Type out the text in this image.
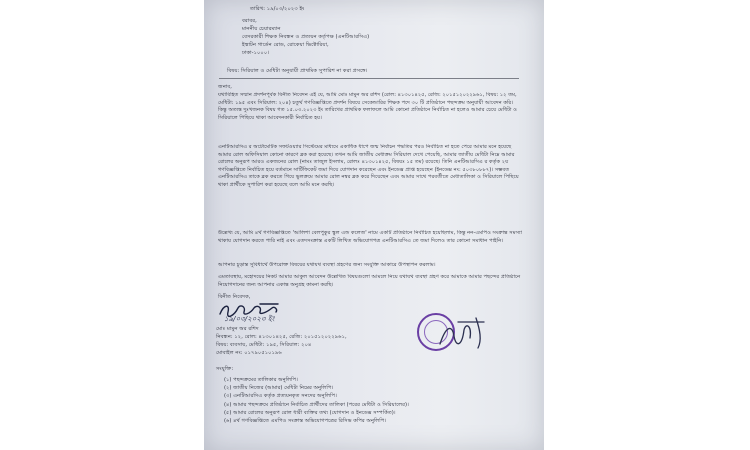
তারিখ: ১৯/০৩/২০২৩ ইং
বরাবর,
মাননীয় চেয়ারম্যান
বেসরকারী শিক্ষক নিবন্ধন ও প্রত্যয়ন কর্তৃপক্ষ (এনটিআরসিএ)
ইস্কাটন গার্ডেন রোড, রোকেয়া ভিক্টোরিয়া,
ঢাকা-১০০০।
বিষয়: সিরিয়াল ও মেধিটা অনুযায়ী প্রাথমিক সুপারিশ না করা প্রসঙ্গে।
জনাব,
যথাবিহিত সম্মান প্রদর্শনপূর্বক বিনীত নিবেদন এই যে, আমি মোঃ মামুন অর রশিদ (রোল: ৪১৩০১৪২৫, রেজি: ২০১৫১২০২২৯৬১, বিষয়: ১২ তম, মেধিটা: ১৯৫ এবং সিরিয়াল: ২০৪) চতুর্থ গণবিজ্ঞপ্তিতে প্রদর্শন বিষয়ে সেকেন্ডারির শিক্ষক পদে ৩০ টি প্রতিষ্ঠানে পছন্দক্রম অনুযায়ী আবেদন করি। কিন্তু অত্যন্ত দুঃখজনক বিষয় গত ১৫.০৩.২০২৩ ইং তারিখের প্রাথমিক ফলাফলে আমি কোনো প্রতিষ্ঠানে নির্বাচিত না হলেও আমার চেয়ে মেধিটা ও সিরিয়ালে পিছিয়ে থাকা আবেদনকারী নির্বাচিত হয়।
এনটিআরসিএ র অটোমেটিক সফটওয়্যার সিস্টেমের মাধ্যমে একাধিক ধাপে জন্ম নির্বাচন পদ্ধতির পরও নির্বাচিত না হতে পেরে আমার মনে হয়েছে আমার রোল অফিসিয়াল কোনো কারণে ব্লক করা হয়েছে। তখন আমি জাতীয় মেধাক্রম সিরিয়াল দেখে পেয়েছি, আমার জাতীয় মেধিটা নিম্নে আমার রোলের অনুরূপ আরও একজনের রোল (নামঃ তাজুল ইসলাম, রোলঃ ৪১৩০১৪২৫, বিষয়ঃ ১৫ তম) রয়েছে। তিনি এনটিআরসিএ র কর্তৃক ২য় গণবিজ্ঞপ্তিতে নির্বাচিত হয়ে বর্তমানে সার্টিফিকেট জমা দিয়ে যোগদান করেছেন এবং ইনডেক্স প্রাপ্ত হয়েছেন (ইনডেক্স নং: ৫০৩৮০৮৮৭)। সম্ভবত এনটিআরসিএ তাকে ব্লক করতে গিয়ে ভুলক্রমে আমার রোল নম্বর ব্লক করে দিয়েছেন এবং আমার সাথে পরবর্তীতে মেধাতালিকা ও সিরিয়ালে পিছিয়ে থাকা প্রার্থীকে সুপারিশ করা হয়েছে বলে আমি মনে করছি।
উল্লেখ্য যে, আমি ৪র্থ গণবিজ্ঞপ্তিতে 'আলিশা বেলপুকুর স্কুল এন্ড কলেজ' নামে একটি প্রতিষ্ঠানে নির্বাচিত হয়েছিলাম, কিন্তু নন-এমপিও সংক্রান্ত সমস্যা থাকায় যোগদান করতে পারি নাই এবং এতদসংক্রান্ত একটি লিখিত অভিযোগপত্র এনটিআরসিএ তে জমা দিলেও তার কোনো সমাধান পাইনি।
আপনার চূড়ান্ত সুবিধার্থে উপরোক্ত বিষয়ের যথাযথ ব্যবস্থা গ্রহণের জন্য সংযুক্তি আকারে উপস্থাপন করলাম।
এমতাবস্থায়, মহোদয়ের নিকট আমার আকুল আবেদন উল্লেখিত বিষয়গুলো আমলে নিয়ে যথাযথ ব্যবস্থা গ্রহণ করে আমাকে আমার পছন্দের প্রতিষ্ঠানে নিয়োগদানের জন্য আপনার একান্ত অনুগ্রহ কামনা করছি।
বিনীত নিবেদক,
১৯/০৩/২০২৩ ইং
মোঃ মামুন অর রশিদ
নিবন্ধন: ১২, রোল: ৪১৩০১৪২৫, রেজি: ২০১৫১২০২২৯৬১,
বিষয়: ব্যবসায়, মেধিটা: ১৯৫, সিরিয়াল: ২০৪
মোবাইল নং: ০১৭৯০৫১০১৯৬
সংযুক্তি:
(১) পছন্দক্রমের তালিকার অনুলিপি।
(২) জাতীয় নিজের (আমার) মেধিটা নিম্নের অনুলিপি।
(৩) এনটিআরসিএ কর্তৃক প্রত্যয়নকৃত সনদের অনুলিপি।
(৪) আমার পছন্দক্রমে প্রতিষ্ঠানে নির্বাচিত প্রার্থীদের তালিকা (পরের মেধিটা ও সিরিয়ালের)।
(৫) আমার রোলের অনুরূপ রোল ধারী ব্যক্তির তথ্য (যোগদান ও ইনডেক্স সম্পর্কিত)।
(৬) ৪র্থ গণবিজ্ঞপ্তিতে এমপিও সংক্রান্ত অভিযোগপত্রের রিসিভ কপির অনুলিপি।
